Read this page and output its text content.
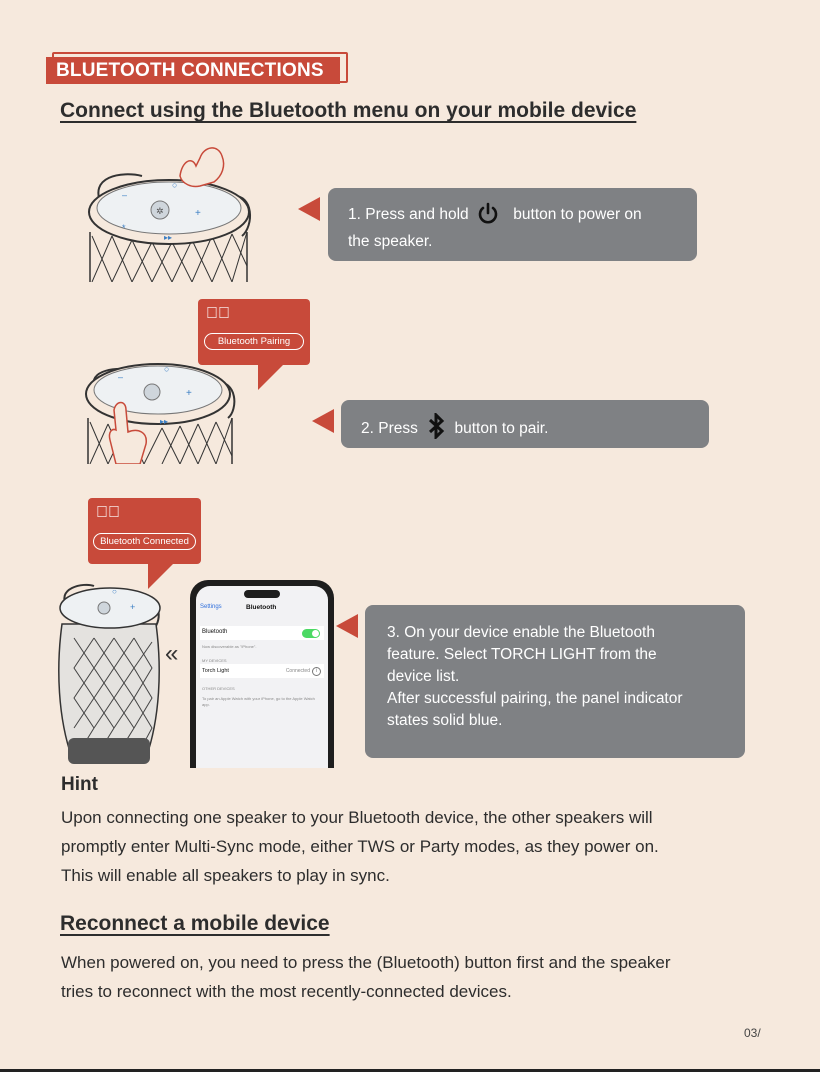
BLUETOOTH CONNECTIONS
Connect using the Bluetooth menu on your mobile device
✲
–
○
+
*
▸▸
1. Press and hold	button to power on
the speaker.
◀ঃ
Bluetooth Pairing
–
○
+
▸▸	2. Press button to pair.
◀ঃ
Bluetooth Connected
○
+
«
Settings	Bluetooth
Bluetooth
Now discoverable as "iPhone".
MY DEVICES
Torch Light	Connected	i
OTHER DEVICES
To pair an Apple Watch with your iPhone, go to the Apple Watch app.
3. On your device enable the Bluetooth
feature. Select TORCH LIGHT from the
device list.
After successful pairing, the panel indicator
states solid blue.
Hint
Upon connecting one speaker to your Bluetooth device, the other speakers will
promptly enter Multi-Sync mode, either TWS or Party modes, as they power on.
This will enable all speakers to play in sync.
Reconnect a mobile device
When powered on, you need to press the (Bluetooth) button first and the speaker
tries to reconnect with the most recently-connected devices.
03/
